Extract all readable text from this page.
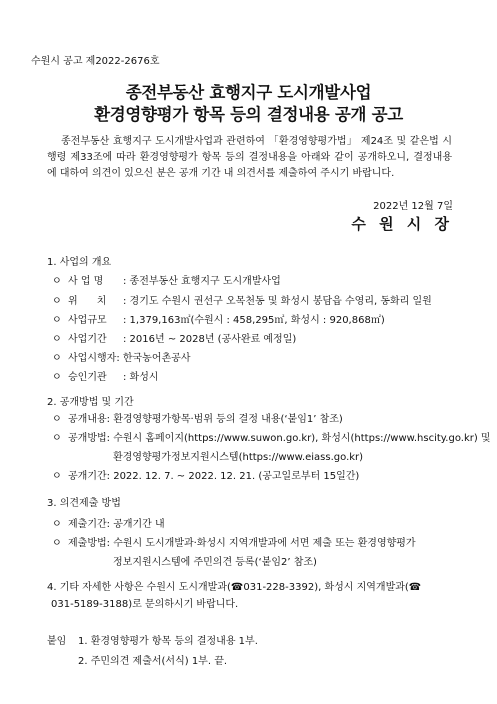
수원시 공고 제2022-2676호
종전부동산 효행지구 도시개발사업
환경영향평가 항목 등의 결정내용 공개 공고

종전부동산 효행지구 도시개발사업과 관련하여 「환경영향평가법」 제24조 및 같은법 시행령 제33조에 따라 환경영향평가 항목 등의 결정내용을 아래와 같이 공개하오니, 결정내용에 대하여 의견이 있으신 분은 공개 기간 내 의견서를 제출하여 주시기 바랍니다.

2022년 12월 7일
수 원 시 장
1. 사업의 개요
ㅇ 사 업 명 : 종전부동산 효행지구 도시개발사업
ㅇ 위      치 : 경기도 수원시 권선구 오목천동 및 화성시 봉담읍 수영리, 동화리 일원
ㅇ 사업규모 : 1,379,163㎡(수원시 : 458,295㎡, 화성시 : 920,868㎡)
ㅇ 사업기간 : 2016년 ~ 2028년 (공사완료 예정일)
ㅇ 사업시행자: 한국농어촌공사
ㅇ 승인기관 : 화성시
2. 공개방법 및 기간
ㅇ 공개내용: 환경영향평가항목·범위 등의 결정 내용(‘붙임1’ 참조)
ㅇ 공개방법: 수원시 홈페이지(https://www.suwon.go.kr), 화성시(https://www.hscity.go.kr) 및
환경영향평가정보지원시스템(https://www.eiass.go.kr)
ㅇ 공개기간: 2022. 12. 7. ~ 2022. 12. 21. (공고일로부터 15일간)
3. 의견제출 방법
ㅇ 제출기간: 공개기간 내
ㅇ 제출방법: 수원시 도시개발과·화성시 지역개발과에 서면 제출 또는 환경영향평가
정보지원시스템에 주민의견 등록(‘붙임2’ 참조)

4. 기타 자세한 사항은 수원시 도시개발과(☎031-228-3392), 화성시 지역개발과(☎

031-5189-3188)로 문의하시기 바랍니다.

붙임 1. 환경영향평가 항목 등의 결정내용 1부.
2. 주민의견 제출서(서식) 1부. 끝.
